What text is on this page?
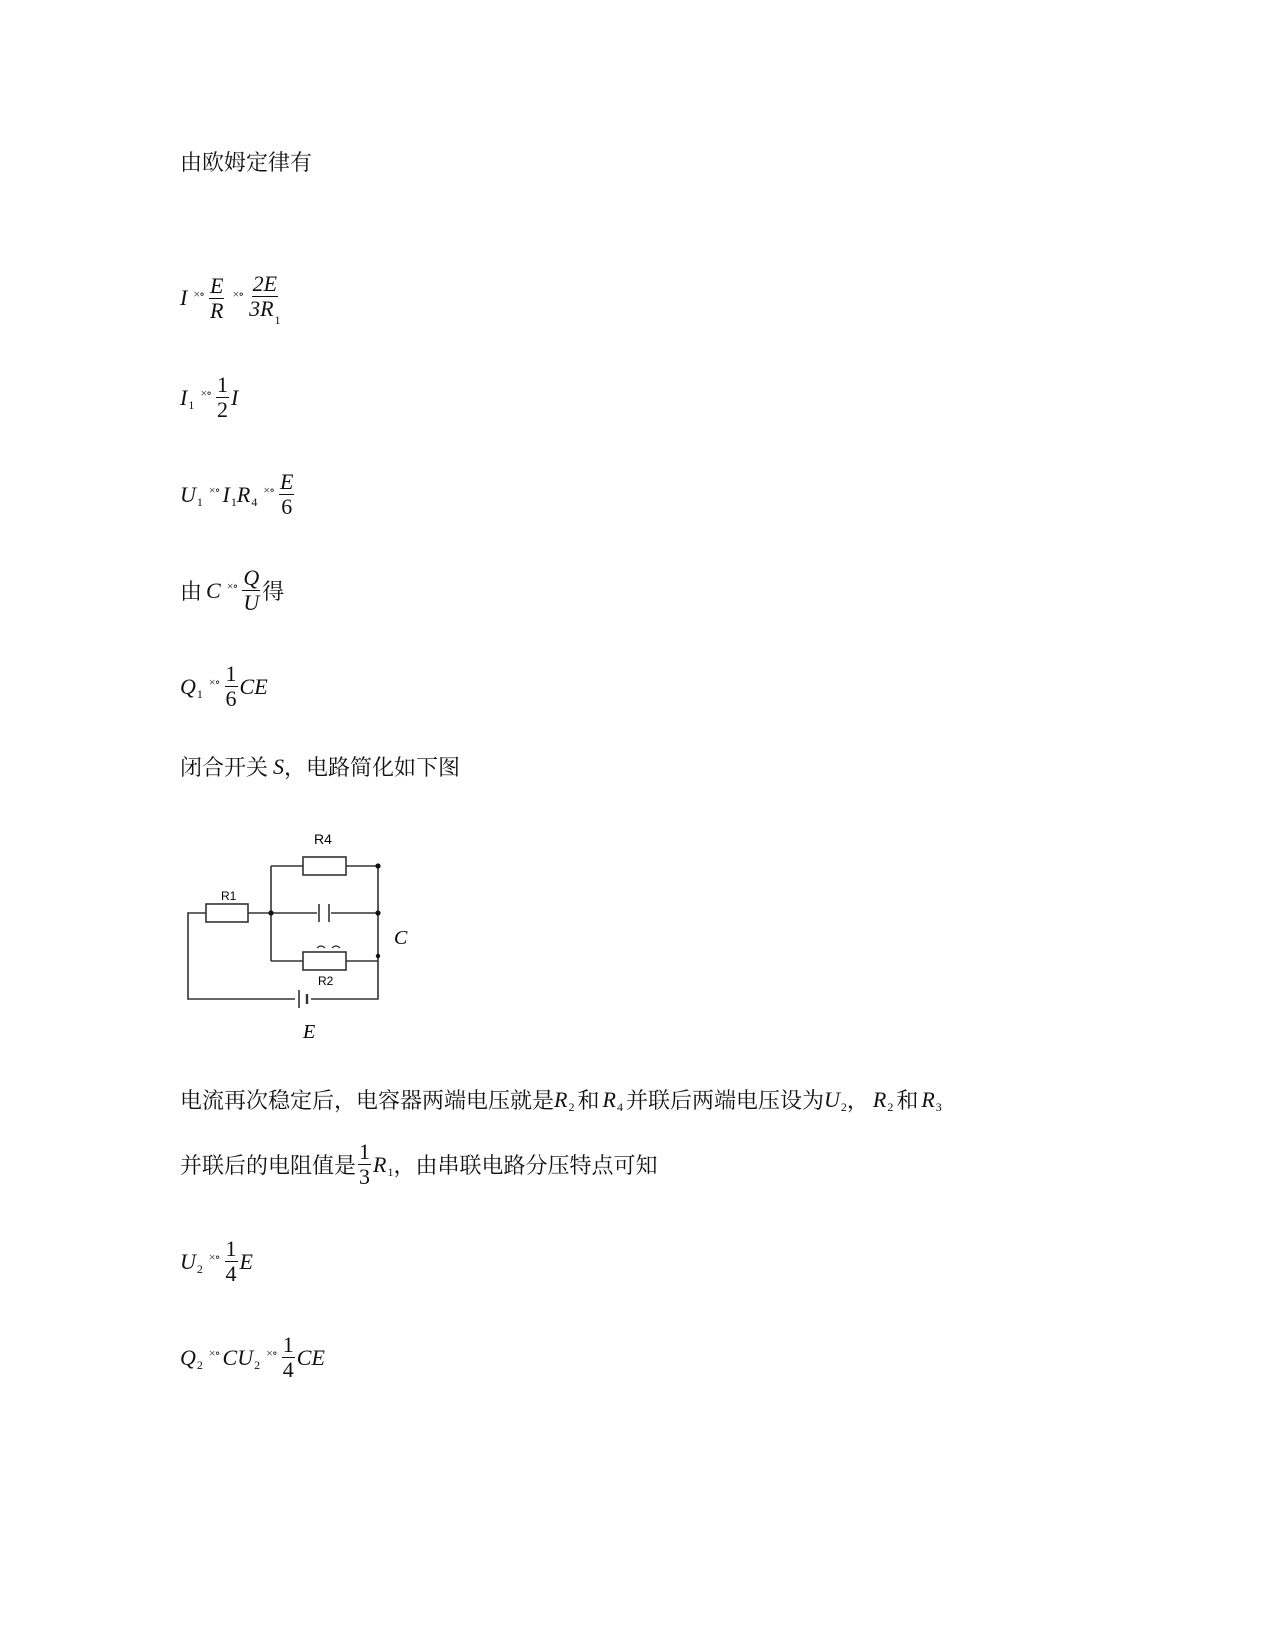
由欧姆定律有
I ×∘ $\frac{E}{R}$ ×∘ $\frac{2E}{3R_1}$
I 1
×∘ $\frac{1}{2}$ I
U 1
×∘ I 1 R 4
×∘ $\frac{E}{6}$
由 C ×∘ $\frac{Q}{U}$ 得
Q 1
×∘ $\frac{1}{6}$ CE
闭合开关 S ，电路简化如下图
R4
R1
R2
C
E
电流再次稳定后，电容器两端电压就是 R 2 和 R 4 并联后两端电压设为 U 2 ， R 2 和 R 3
并联后的电阻值是 $\frac{1}{3}$ R 1 ，由串联电路分压特点可知
U 2
×∘ $\frac{1}{4}$ E
Q 2
×∘ CU 2
×∘ $\frac{1}{4}$ CE
